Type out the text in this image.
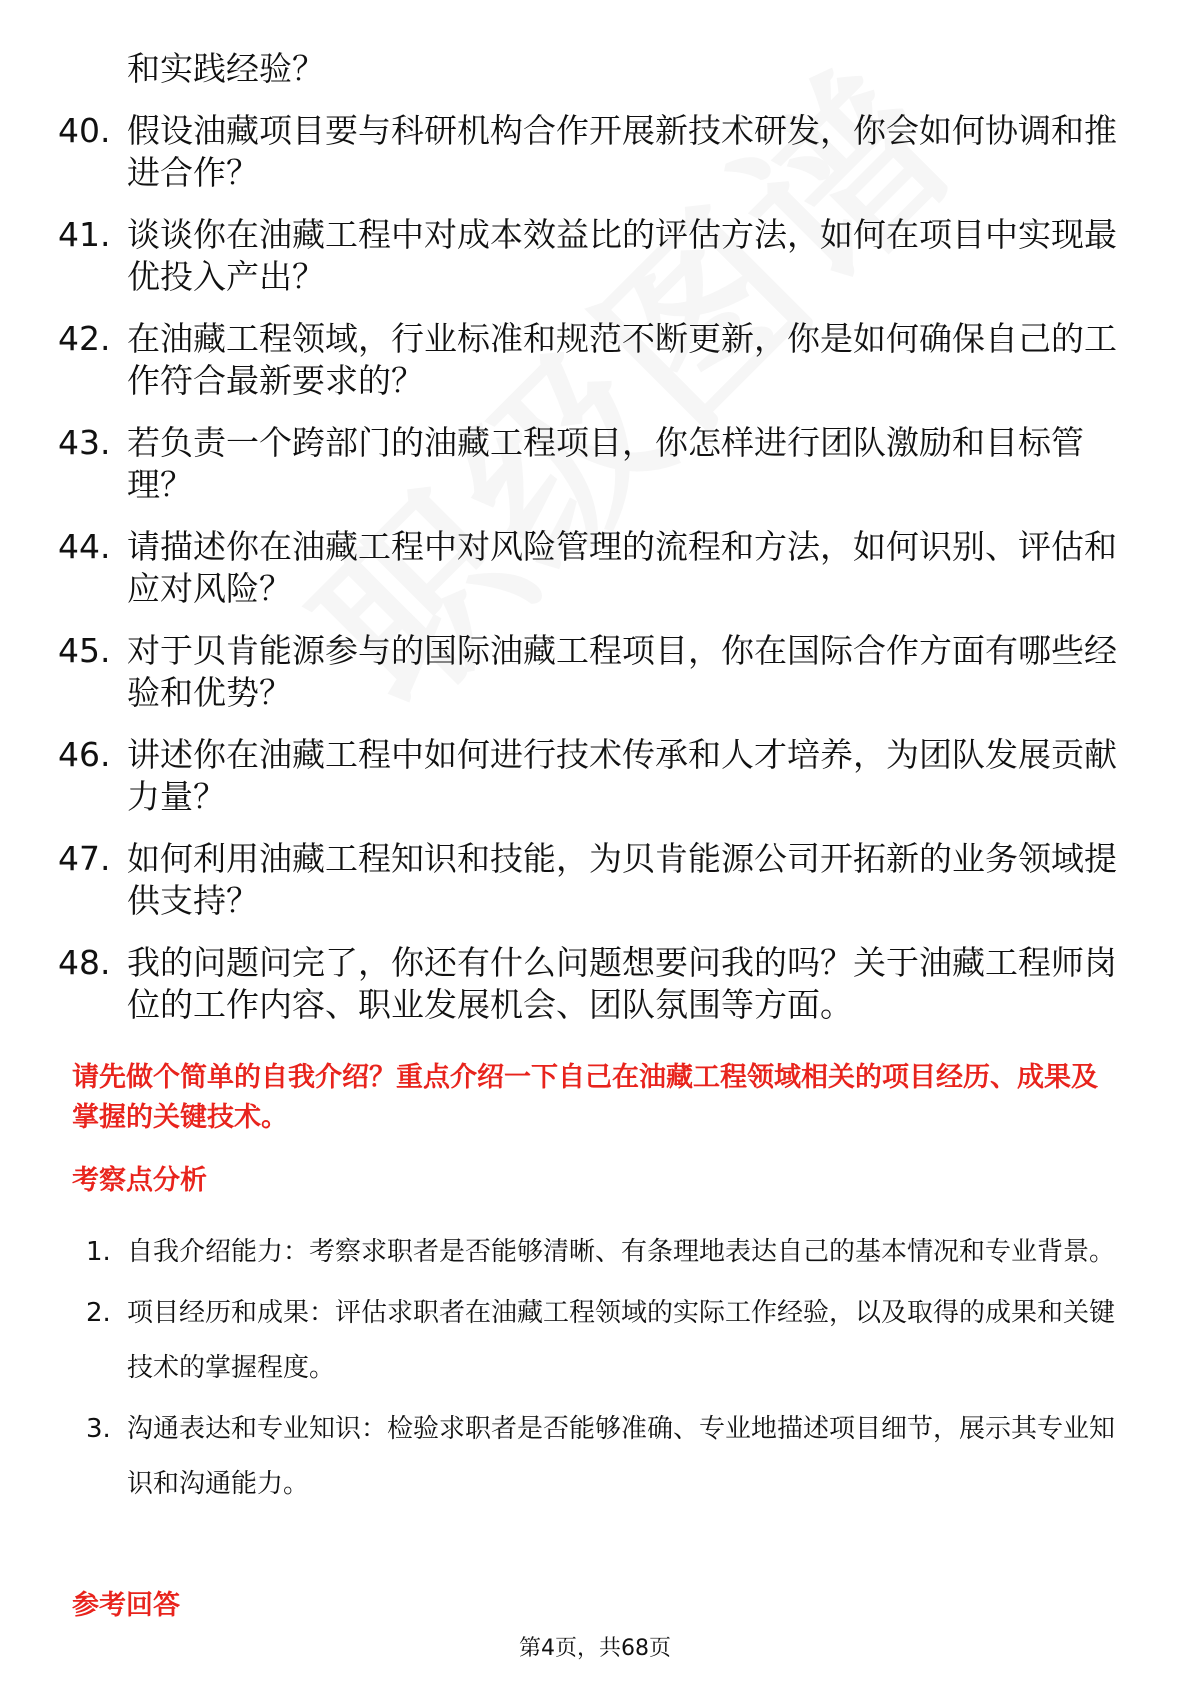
和实践经验？
40. 假设油藏项目要与科研机构合作开展新技术研发，你会如何协调和推进合作？
41. 谈谈你在油藏工程中对成本效益比的评估方法，如何在项目中实现最优投入产出？
42. 在油藏工程领域，行业标准和规范不断更新，你是如何确保自己的工作符合最新要求的？
43. 若负责一个跨部门的油藏工程项目，你怎样进行团队激励和目标管理？
44. 请描述你在油藏工程中对风险管理的流程和方法，如何识别、评估和应对风险？
45. 对于贝肯能源参与的国际油藏工程项目，你在国际合作方面有哪些经验和优势？
46. 讲述你在油藏工程中如何进行技术传承和人才培养，为团队发展贡献力量？
47. 如何利用油藏工程知识和技能，为贝肯能源公司开拓新的业务领域提供支持？
48. 我的问题问完了，你还有什么问题想要问我的吗？关于油藏工程师岗位的工作内容、职业发展机会、团队氛围等方面。
请先做个简单的自我介绍？重点介绍一下自己在油藏工程领域相关的项目经历、成果及掌握的关键技术。
考察点分析
1. 自我介绍能力：考察求职者是否能够清晰、有条理地表达自己的基本情况和专业背景。
2. 项目经历和成果：评估求职者在油藏工程领域的实际工作经验，以及取得的成果和关键技术的掌握程度。
3. 沟通表达和专业知识：检验求职者是否能够准确、专业地描述项目细节，展示其专业知识和沟通能力。
参考回答
第4页，共68页
